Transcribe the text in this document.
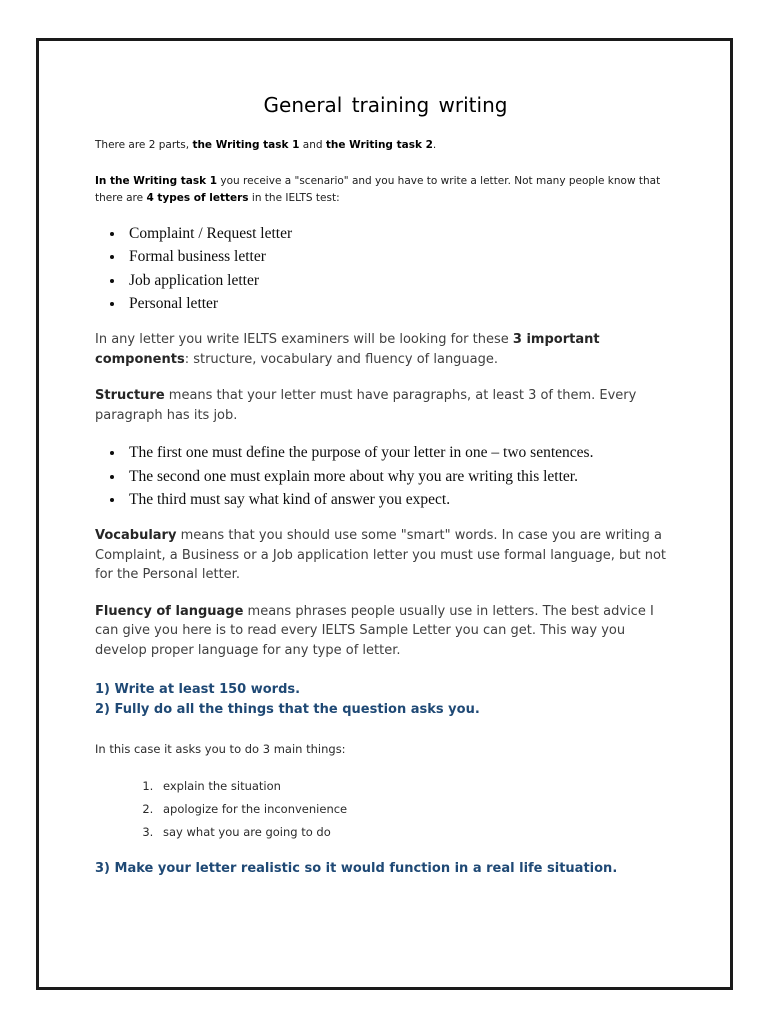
General training writing

There are 2 parts, the Writing task 1 and the Writing task 2.

In the Writing task 1 you receive a "scenario" and you have to write a letter. Not many people know that there are 4 types of letters in the IELTS test:

• Complaint / Request letter
• Formal business letter
• Job application letter
• Personal letter

In any letter you write IELTS examiners will be looking for these 3 important components: structure, vocabulary and fluency of language.

Structure means that your letter must have paragraphs, at least 3 of them. Every paragraph has its job.

• The first one must define the purpose of your letter in one – two sentences.
• The second one must explain more about why you are writing this letter.
• The third must say what kind of answer you expect.

Vocabulary means that you should use some "smart" words. In case you are writing a Complaint, a Business or a Job application letter you must use formal language, but not for the Personal letter.

Fluency of language means phrases people usually use in letters. The best advice I can give you here is to read every IELTS Sample Letter you can get. This way you develop proper language for any type of letter.

1) Write at least 150 words.
2) Fully do all the things that the question asks you.

In this case it asks you to do 3 main things:

1. explain the situation
2. apologize for the inconvenience
3. say what you are going to do
3) Make your letter realistic so it would function in a real life situation.
